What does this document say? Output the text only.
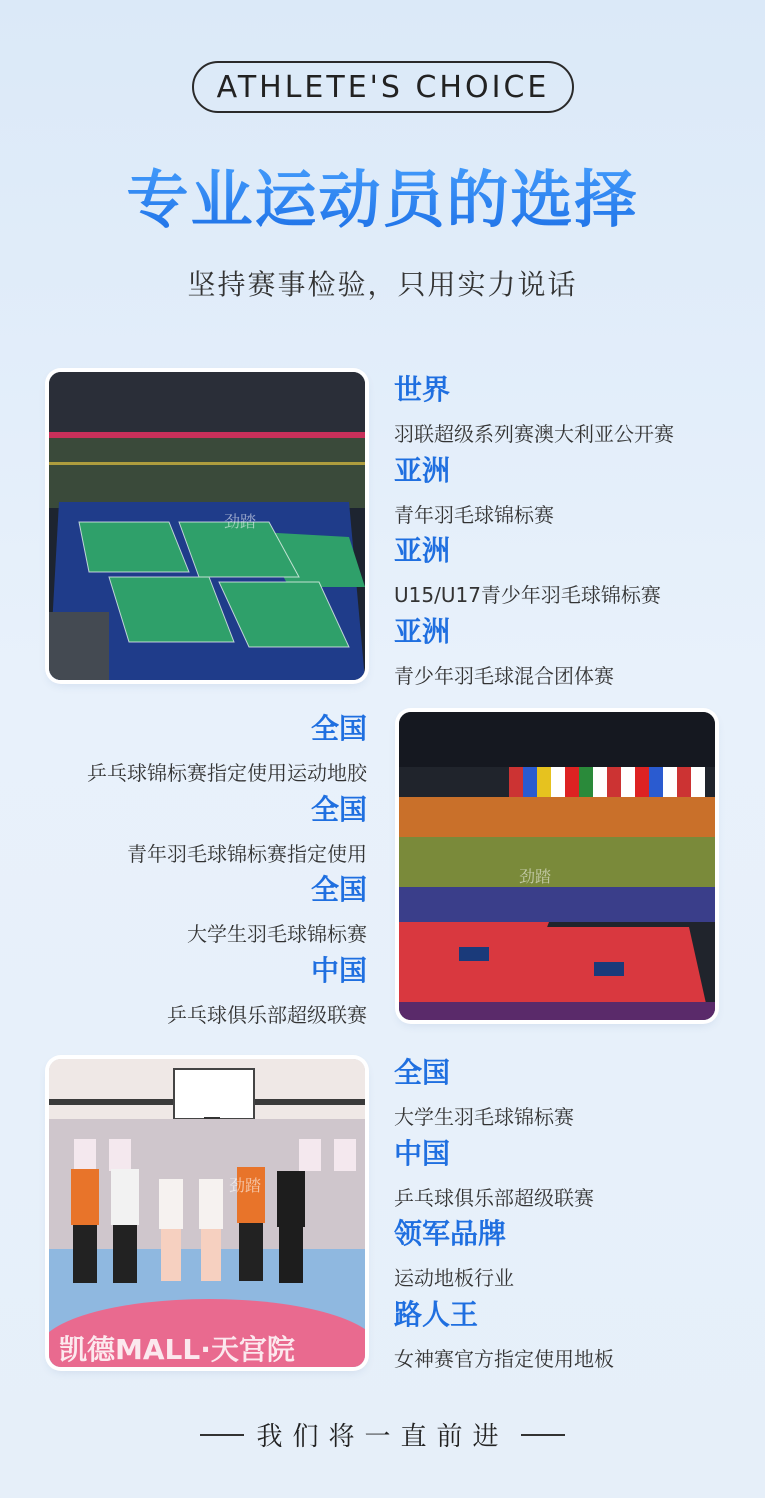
ATHLETE'S CHOICE
专业运动员的选择
坚持赛事检验，只用实力说话
劲踏
世界
羽联超级系列赛澳大利亚公开赛
亚洲
青年羽毛球锦标赛
亚洲
U15/U17青少年羽毛球锦标赛
亚洲
青少年羽毛球混合团体赛
全国
乒乓球锦标赛指定使用运动地胶
全国
青年羽毛球锦标赛指定使用
全国
大学生羽毛球锦标赛
中国
乒乓球俱乐部超级联赛
劲踏
劲踏
凯德MALL·天宫院
全国
大学生羽毛球锦标赛
中国
乒乓球俱乐部超级联赛
领军品牌
运动地板行业
路人王
女神赛官方指定使用地板
我们将一直前进
